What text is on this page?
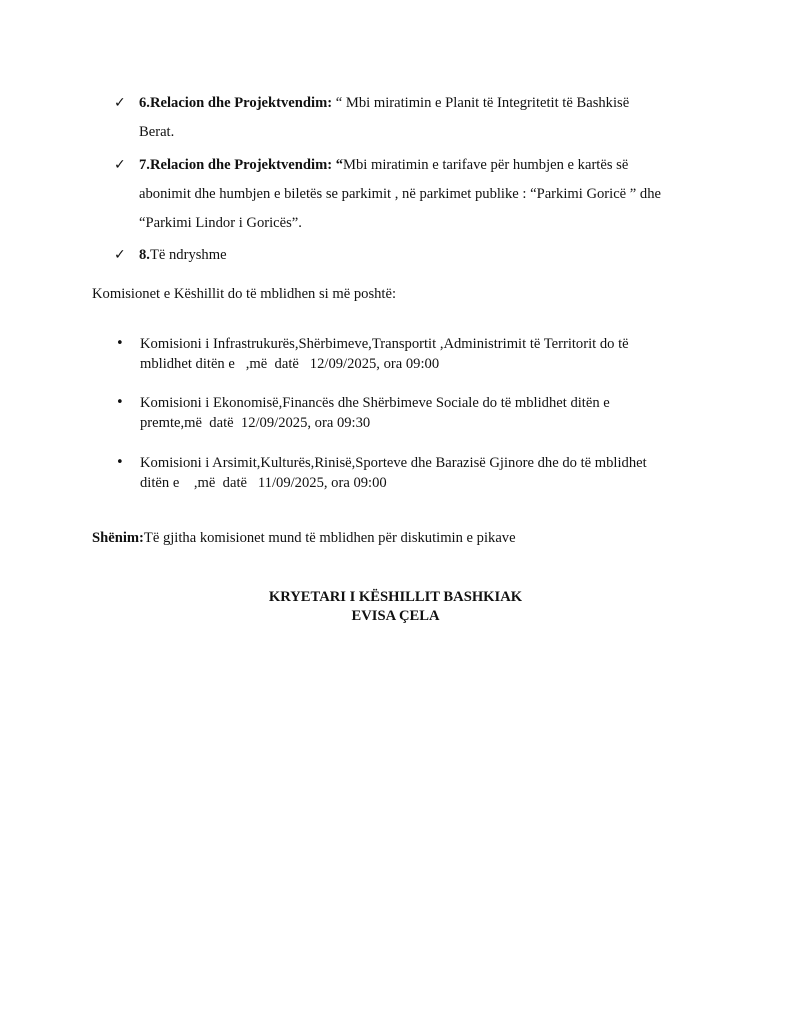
✓ 6.Relacion dhe Projektvendim: “ Mbi miratimin e Planit të Integritetit të Bashkisë
Berat.
✓ 7.Relacion dhe Projektvendim: “Mbi miratimin e tarifave për humbjen e kartës së
abonimit dhe humbjen e biletës se parkimit , në parkimet publike : “Parkimi Goricë ” dhe
“Parkimi Lindor i Goricës”.
✓ 8.Të ndryshme
Komisionet e Këshillit do të mblidhen si më poshtë:
• Komisioni i Infrastrukurës,Shërbimeve,Transportit ,Administrimit të Territorit do të
mblidhet ditën e   ,më  datë   12/09/2025, ora 09:00
• Komisioni i Ekonomisë,Financës dhe Shërbimeve Sociale do të mblidhet ditën e
premte,më  datë  12/09/2025, ora 09:30
• Komisioni i Arsimit,Kulturës,Rinisë,Sporteve dhe Barazisë Gjinore dhe do të mblidhet
ditën e    ,më  datë   11/09/2025, ora 09:00
Shënim:Të gjitha komisionet mund të mblidhen për diskutimin e pikave
KRYETARI I KËSHILLIT BASHKIAK
EVISA ÇELA
